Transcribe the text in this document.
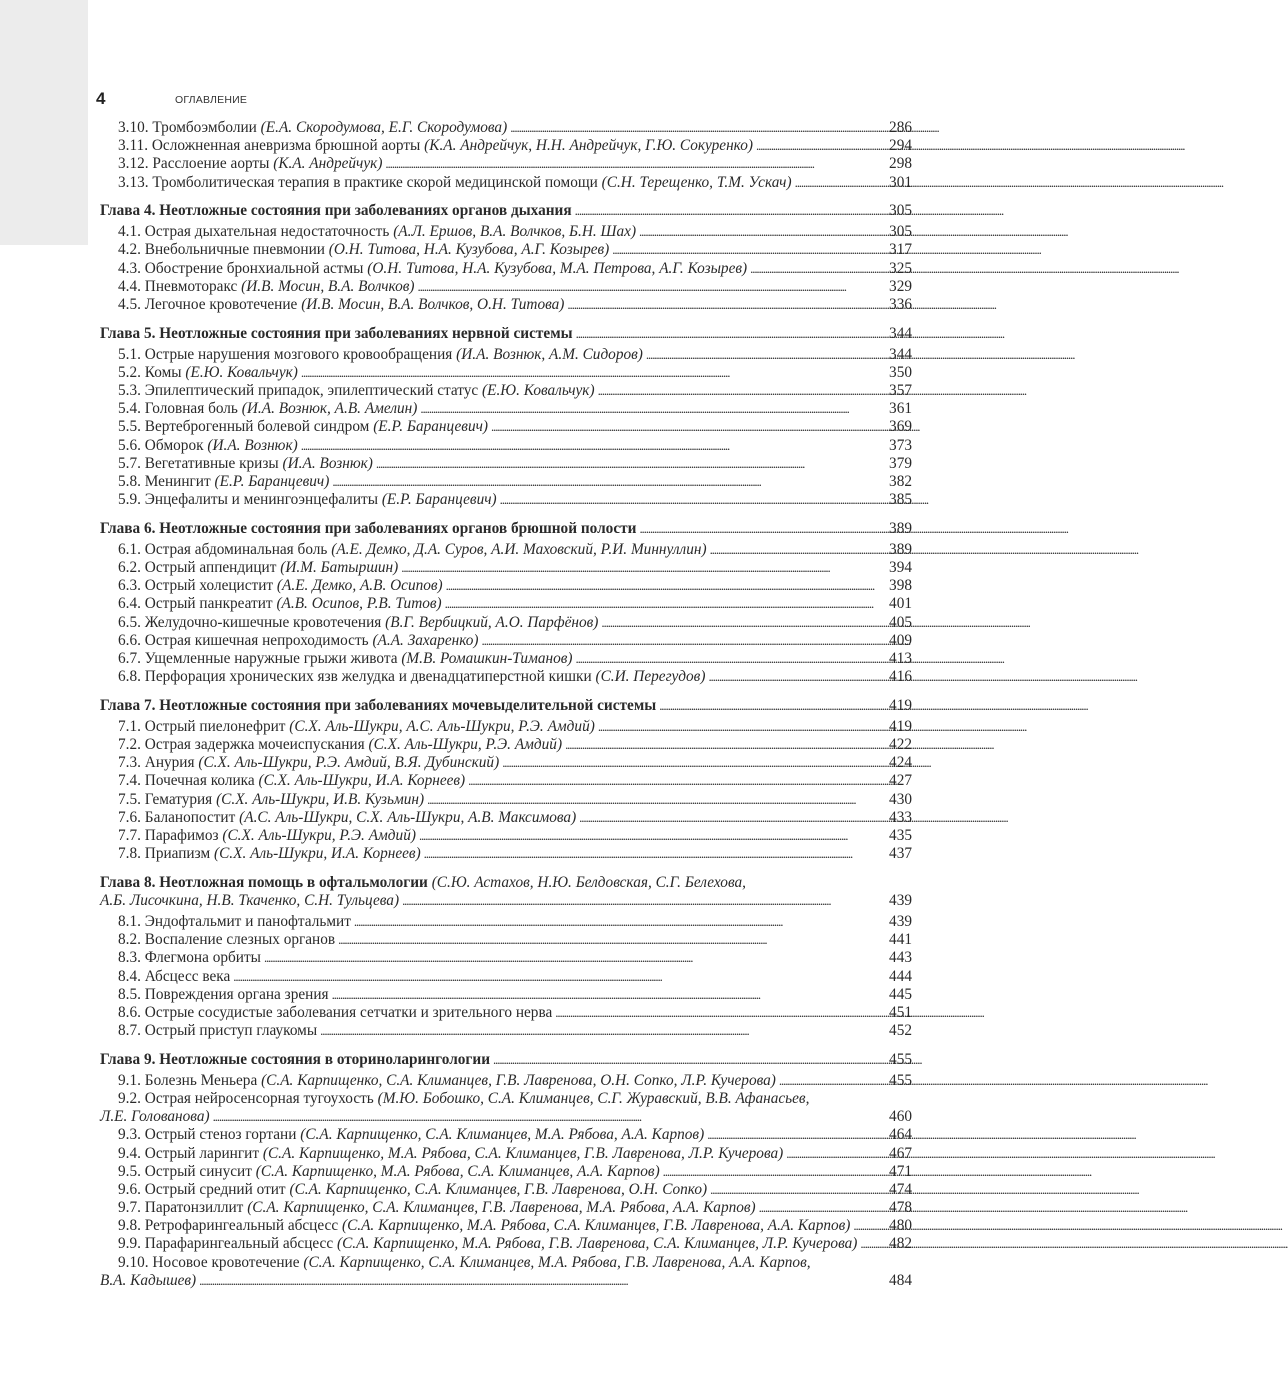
4	ОГЛАВЛЕНИЕ
3.10. Тромбоэмболии (Е.А. Скородумова, Е.Г. Скородумова) . . .	286
3.11. Осложненная аневризма брюшной аорты (К.А. Андрейчук, Н.Н. Андрейчук, Г.Ю. Сокуренко) . . .	294
3.12. Расслоение аорты (К.А. Андрейчук) . . .	298
3.13. Тромболитическая терапия в практике скорой медицинской помощи (С.Н. Терещенко, Т.М. Ускач) . . .	301
Глава 4. Неотложные состояния при заболеваниях органов дыхания . . .	305
4.1. Острая дыхательная недостаточность (А.Л. Ершов, В.А. Волчков, Б.Н. Шах) . . .	305
4.2. Внебольничные пневмонии (О.Н. Титова, Н.А. Кузубова, А.Г. Козырев) . . .	317
4.3. Обострение бронхиальной астмы (О.Н. Титова, Н.А. Кузубова, М.А. Петрова, А.Г. Козырев) . . .	325
4.4. Пневмоторакс (И.В. Мосин, В.А. Волчков) . . .	329
4.5. Легочное кровотечение (И.В. Мосин, В.А. Волчков, О.Н. Титова) . . .	336
Глава 5. Неотложные состояния при заболеваниях нервной системы . . .	344
5.1. Острые нарушения мозгового кровообращения (И.А. Вознюк, А.М. Сидоров) . . .	344
5.2. Комы (Е.Ю. Ковальчук) . . .	350
5.3. Эпилептический припадок, эпилептический статус (Е.Ю. Ковальчук) . . .	357
5.4. Головная боль (И.А. Вознюк, А.В. Амелин) . . .	361
5.5. Вертеброгенный болевой синдром (Е.Р. Баранцевич) . . .	369
5.6. Обморок (И.А. Вознюк) . . .	373
5.7. Вегетативные кризы (И.А. Вознюк) . . .	379
5.8. Менингит (Е.Р. Баранцевич) . . .	382
5.9. Энцефалиты и менингоэнцефалиты (Е.Р. Баранцевич) . . .	385
Глава 6. Неотложные состояния при заболеваниях органов брюшной полости . . .	389
6.1. Острая абдоминальная боль (А.Е. Демко, Д.А. Суров, А.И. Маховский, Р.И. Миннуллин) . . .	389
6.2. Острый аппендицит (И.М. Батыршин) . . .	394
6.3. Острый холецистит (А.Е. Демко, А.В. Осипов) . . .	398
6.4. Острый панкреатит (А.В. Осипов, Р.В. Титов) . . .	401
6.5. Желудочно-кишечные кровотечения (В.Г. Вербицкий, А.О. Парфёнов) . . .	405
6.6. Острая кишечная непроходимость (А.А. Захаренко) . . .	409
6.7. Ущемленные наружные грыжи живота (М.В. Ромашкин-Тиманов) . . .	413
6.8. Перфорация хронических язв желудка и двенадцатиперстной кишки (С.И. Перегудов) . . .	416
Глава 7. Неотложные состояния при заболеваниях мочевыделительной системы . . .	419
7.1. Острый пиелонефрит (С.Х. Аль-Шукри, А.С. Аль-Шукри, Р.Э. Амдий) . . .	419
7.2. Острая задержка мочеиспускания (С.Х. Аль-Шукри, Р.Э. Амдий) . . .	422
7.3. Анурия (С.Х. Аль-Шукри, Р.Э. Амдий, В.Я. Дубинский) . . .	424
7.4. Почечная колика (С.Х. Аль-Шукри, И.А. Корнеев) . . .	427
7.5. Гематурия (С.Х. Аль-Шукри, И.В. Кузьмин) . . .	430
7.6. Баланопостит (А.С. Аль-Шукри, С.Х. Аль-Шукри, А.В. Максимова) . . .	433
7.7. Парафимоз (С.Х. Аль-Шукри, Р.Э. Амдий) . . .	435
7.8. Приапизм (С.Х. Аль-Шукри, И.А. Корнеев) . . .	437
Глава 8. Неотложная помощь в офтальмологии (С.Ю. Астахов, Н.Ю. Белдовская, С.Г. Белехова,
А.Б. Лисочкина, Н.В. Ткаченко, С.Н. Тульцева) . . .	439
8.1. Эндофтальмит и панофтальмит . . .	439
8.2. Воспаление слезных органов . . .	441
8.3. Флегмона орбиты . . .	443
8.4. Абсцесс века . . .	444
8.5. Повреждения органа зрения . . .	445
8.6. Острые сосудистые заболевания сетчатки и зрительного нерва . . .	451
8.7. Острый приступ глаукомы . . .	452
Глава 9. Неотложные состояния в оториноларингологии . . .	455
9.1. Болезнь Меньера (С.А. Карпищенко, С.А. Климанцев, Г.В. Лавренова, О.Н. Сопко, Л.Р. Кучерова) . . .	455
9.2. Острая нейросенсорная тугоухость (М.Ю. Бобошко, С.А. Климанцев, С.Г. Журавский, В.В. Афанасьев,
Л.Е. Голованова) . . .	460
9.3. Острый стеноз гортани (С.А. Карпищенко, С.А. Климанцев, М.А. Рябова, А.А. Карпов) . . .	464
9.4. Острый ларингит (С.А. Карпищенко, М.А. Рябова, С.А. Климанцев, Г.В. Лавренова, Л.Р. Кучерова) . . .	467
9.5. Острый синусит (С.А. Карпищенко, М.А. Рябова, С.А. Климанцев, А.А. Карпов) . . .	471
9.6. Острый средний отит (С.А. Карпищенко, С.А. Климанцев, Г.В. Лавренова, О.Н. Сопко) . . .	474
9.7. Паратонзиллит (С.А. Карпищенко, С.А. Климанцев, Г.В. Лавренова, М.А. Рябова, А.А. Карпов) . . .	478
9.8. Ретрофарингеальный абсцесс (С.А. Карпищенко, М.А. Рябова, С.А. Климанцев, Г.В. Лавренова, А.А. Карпов) . . .	480
9.9. Парафарингеальный абсцесс (С.А. Карпищенко, М.А. Рябова, Г.В. Лавренова, С.А. Климанцев, Л.Р. Кучерова) . . . 482
9.10. Носовое кровотечение (С.А. Карпищенко, С.А. Климанцев, М.А. Рябова, Г.В. Лавренова, А.А. Карпов,
В.А. Кадышев) . . .	484
